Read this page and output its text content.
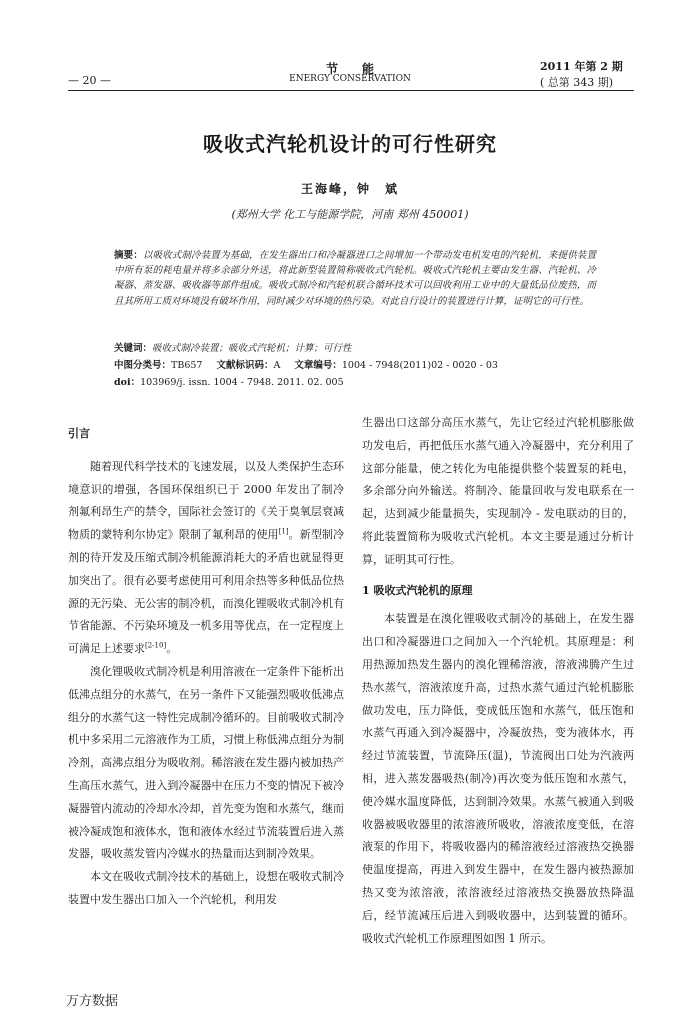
节　　能
ENERGY CONSERVATION
— 20 —
2011 年第 2 期
( 总第 343 期)
吸收式汽轮机设计的可行性研究
王海峰，钟　斌
(郑州大学 化工与能源学院，河南 郑州 450001)
摘要：以吸收式制冷装置为基础，在发生器出口和冷凝器进口之间增加一个带动发电机发电的汽轮机，来提供装置中所有泵的耗电量并将多余部分外送，将此新型装置简称吸收式汽轮机。吸收式汽轮机主要由发生器、汽轮机、冷凝器、蒸发器、吸收器等部件组成。吸收式制冷和汽轮机联合循环技术可以回收利用工业中的大量低品位废热，而且其所用工质对环境没有破坏作用，同时减少对环境的热污染。对此自行设计的装置进行计算，证明它的可行性。
关键词：吸收式制冷装置；吸收式汽轮机；计算；可行性
中图分类号：TB657 文献标识码：A 文章编号：1004 - 7948(2011)02 - 0020 - 03
doi：103969/j. issn. 1004 - 7948. 2011. 02. 005
引言

随着现代科学技术的飞速发展，以及人类保护生态环境意识的增强，各国环保组织已于 2000 年发出了制冷剂氟利昂生产的禁令，国际社会签订的《关于臭氧层衰减物质的蒙特利尔协定》限制了氟利昂的使用[1]。新型制冷剂的待开发及压缩式制冷机能源消耗大的矛盾也就显得更加突出了。很有必要考虑使用可利用余热等多种低品位热源的无污染、无公害的制冷机，而溴化锂吸收式制冷机有节省能源、不污染环境及一机多用等优点，在一定程度上可满足上述要求[2-10]。

溴化锂吸收式制冷机是利用溶液在一定条件下能析出低沸点组分的水蒸气，在另一条件下又能强烈吸收低沸点组分的水蒸气这一特性完成制冷循环的。目前吸收式制冷机中多采用二元溶液作为工质，习惯上称低沸点组分为制冷剂，高沸点组分为吸收剂。稀溶液在发生器内被加热产生高压水蒸气，进入到冷凝器中在压力不变的情况下被冷凝器管内流动的冷却水冷却，首先变为饱和水蒸气，继而被冷凝成饱和液体水，饱和液体水经过节流装置后进入蒸发器，吸收蒸发管内冷媒水的热量而达到制冷效果。

本文在吸收式制冷技术的基础上，设想在吸收式制冷装置中发生器出口加入一个汽轮机，利用发

生器出口这部分高压水蒸气，先让它经过汽轮机膨胀做功发电后，再把低压水蒸气通入冷凝器中，充分利用了这部分能量，使之转化为电能提供整个装置泵的耗电，多余部分向外输送。将制冷、能量回收与发电联系在一起，达到减少能量损失，实现制冷 - 发电联动的目的，将此装置简称为吸收式汽轮机。本文主要是通过分析计算，证明其可行性。

1 吸收式汽轮机的原理

本装置是在溴化锂吸收式制冷的基础上，在发生器出口和冷凝器进口之间加入一个汽轮机。其原理是：利用热源加热发生器内的溴化锂稀溶液，溶液沸腾产生过热水蒸气，溶液浓度升高，过热水蒸气通过汽轮机膨胀做功发电，压力降低，变成低压饱和水蒸气，低压饱和水蒸气再通入到冷凝器中，冷凝放热，变为液体水，再经过节流装置，节流降压(温)，节流阀出口处为汽液两相，进入蒸发器吸热(制冷)再次变为低压饱和水蒸气，使冷媒水温度降低，达到制冷效果。水蒸气被通入到吸收器被吸收器里的浓溶液所吸收，溶液浓度变低，在溶液泵的作用下，将吸收器内的稀溶液经过溶液热交换器使温度提高，再进入到发生器中，在发生器内被热源加热又变为浓溶液，浓溶液经过溶液热交换器放热降温后，经节流减压后进入到吸收器中，达到装置的循环。吸收式汽轮机工作原理图如图 1 所示。

万方数据
